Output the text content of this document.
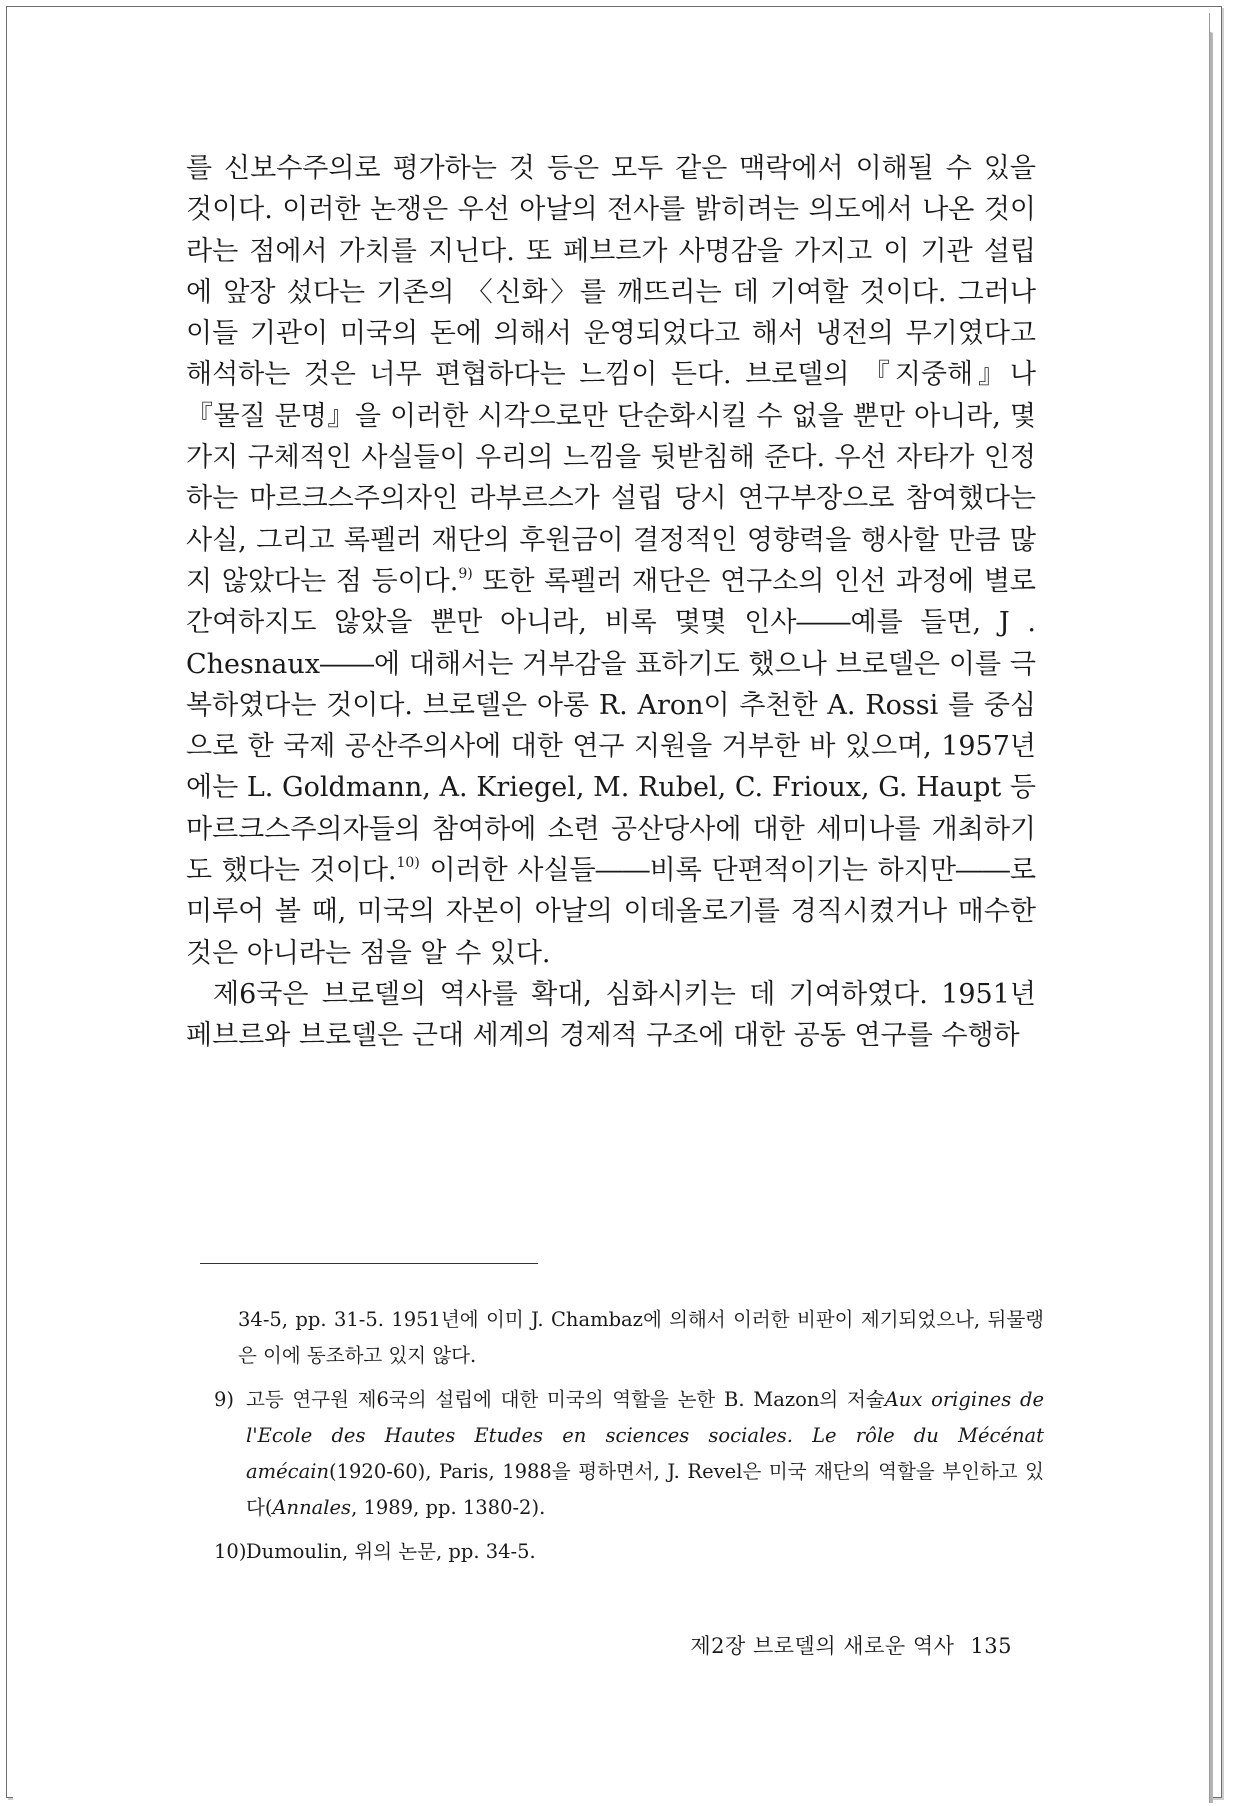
를 신보수주의로 평가하는 것 등은 모두 같은 맥락에서 이해될 수 있을 것이다. 이러한 논쟁은 우선 아날의 전사를 밝히려는 의도에서 나온 것이라는 점에서 가치를 지닌다. 또 페브르가 사명감을 가지고 이 기관 설립에 앞장 섰다는 기존의 〈신화〉를 깨뜨리는 데 기여할 것이다. 그러나 이들 기관이 미국의 돈에 의해서 운영되었다고 해서 냉전의 무기였다고 해석하는 것은 너무 편협하다는 느낌이 든다. 브로델의 『지중해』나 『물질 문명』을 이러한 시각으로만 단순화시킬 수 없을 뿐만 아니라, 몇 가지 구체적인 사실들이 우리의 느낌을 뒷받침해 준다. 우선 자타가 인정하는 마르크스주의자인 라부르스가 설립 당시 연구부장으로 참여했다는 사실, 그리고 록펠러 재단의 후원금이 결정적인 영향력을 행사할 만큼 많지 않았다는 점 등이다.$^{9)}$ 또한 록펠러 재단은 연구소의 인선 과정에 별로 간여하지도 않았을 뿐만 아니라, 비록 몇몇 인사――예를 들면, J . Chesnaux――에 대해서는 거부감을 표하기도 했으나 브로델은 이를 극복하였다는 것이다. 브로델은 아롱 R. Aron이 추천한 A. Rossi 를 중심으로 한 국제 공산주의사에 대한 연구 지원을 거부한 바 있으며, 1957년에는 L. Goldmann, A. Kriegel, M. Rubel, C. Frioux, G. Haupt 등 마르크스주의자들의 참여하에 소련 공산당사에 대한 세미나를 개최하기도 했다는 것이다.$^{10)}$ 이러한 사실들――비록 단편적이기는 하지만――로 미루어 볼 때, 미국의 자본이 아날의 이데올로기를 경직시켰거나 매수한 것은 아니라는 점을 알 수 있다.

제6국은 브로델의 역사를 확대, 심화시키는 데 기여하였다. 1951년 페브르와 브로델은 근대 세계의 경제적 구조에 대한 공동 연구를 수행하

34-5, pp. 31-5. 1951년에 이미 J. Chambaz에 의해서 이러한 비판이 제기되었으나, 뒤물랭은 이에 동조하고 있지 않다.
9) 고등 연구원 제6국의 설립에 대한 미국의 역할을 논한 B. Mazon의 저술Aux origines de l'Ecole des Hautes Etudes en sciences sociales. Le rôle du Mécénat amécain(1920-60), Paris, 1988을 평하면서, J. Revel은 미국 재단의 역할을 부인하고 있다(Annales, 1989, pp. 1380-2).
10) Dumoulin, 위의 논문, pp. 34-5.
제2장 브로델의 새로운 역사 135
